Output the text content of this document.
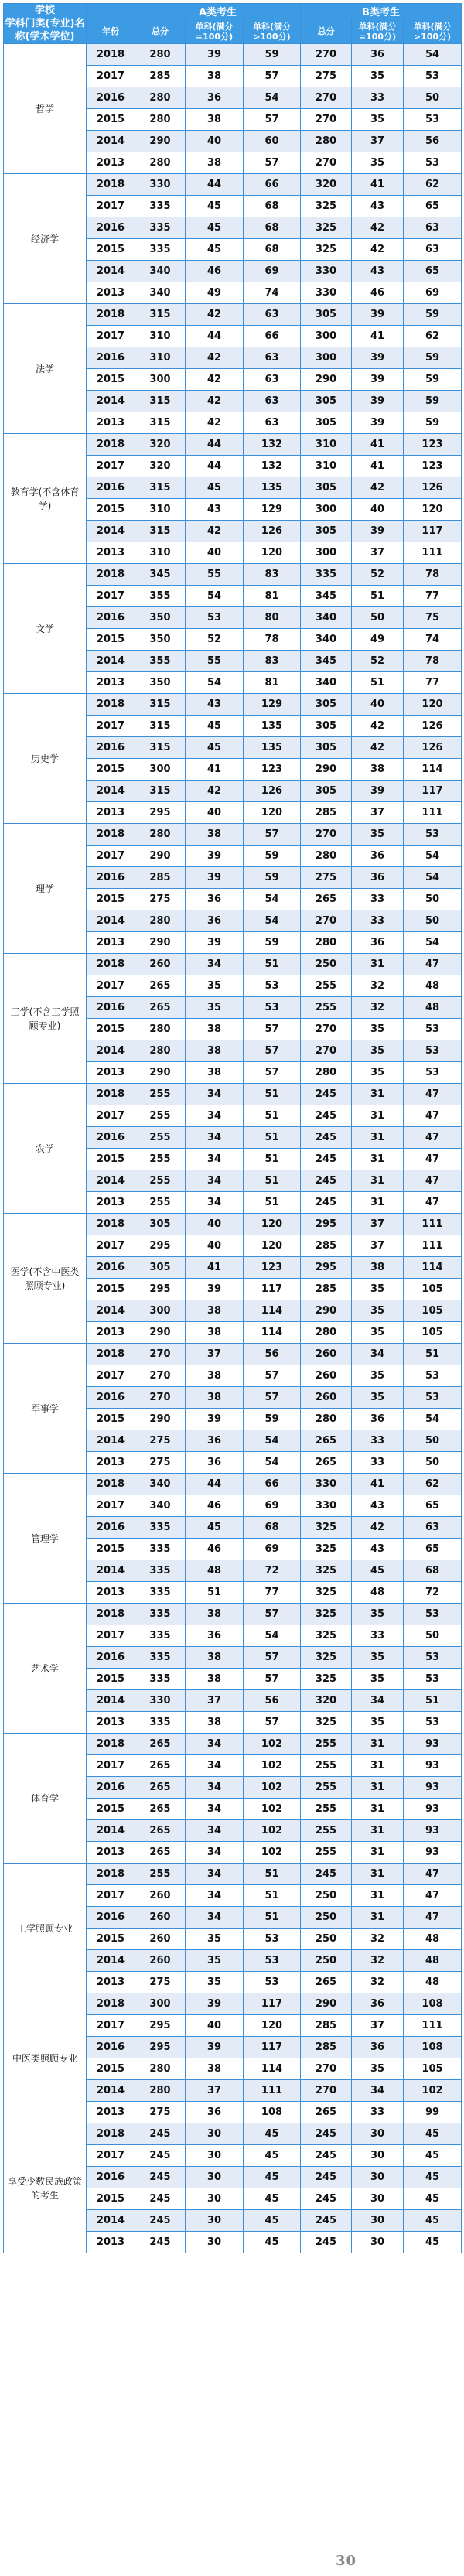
学校
学科门类(专业)名称(学术学位)		A类考生			B类考生		
	年份	总分	单科(满分=100分)	单科(满分>100分)	总分	单科(满分=100分)	单科(满分>100分)

哲学	2018	280	39	59	270	36	54
	2017	285	38	57	275	35	53
	2016	280	36	54	270	33	50
	2015	280	38	57	270	35	53
	2014	290	40	60	280	37	56
	2013	280	38	57	270	35	53
经济学	2018	330	44	66	320	41	62
	2017	335	45	68	325	43	65
	2016	335	45	68	325	42	63
	2015	335	45	68	325	42	63
	2014	340	46	69	330	43	65
	2013	340	49	74	330	46	69
法学	2018	315	42	63	305	39	59
	2017	310	44	66	300	41	62
	2016	310	42	63	300	39	59
	2015	300	42	63	290	39	59
	2014	315	42	63	305	39	59
	2013	315	42	63	305	39	59
教育学(不含体育学)	2018	320	44	132	310	41	123
	2017	320	44	132	310	41	123
	2016	315	45	135	305	42	126
	2015	310	43	129	300	40	120
	2014	315	42	126	305	39	117
	2013	310	40	120	300	37	111
文学	2018	345	55	83	335	52	78
	2017	355	54	81	345	51	77
	2016	350	53	80	340	50	75
	2015	350	52	78	340	49	74
	2014	355	55	83	345	52	78
	2013	350	54	81	340	51	77
历史学	2018	315	43	129	305	40	120
	2017	315	45	135	305	42	126
	2016	315	45	135	305	42	126
	2015	300	41	123	290	38	114
	2014	315	42	126	305	39	117
	2013	295	40	120	285	37	111
理学	2018	280	38	57	270	35	53
	2017	290	39	59	280	36	54
	2016	285	39	59	275	36	54
	2015	275	36	54	265	33	50
	2014	280	36	54	270	33	50
	2013	290	39	59	280	36	54
工学(不含工学照顾专业)	2018	260	34	51	250	31	47
	2017	265	35	53	255	32	48
	2016	265	35	53	255	32	48
	2015	280	38	57	270	35	53
	2014	280	38	57	270	35	53
	2013	290	38	57	280	35	53
农学	2018	255	34	51	245	31	47
	2017	255	34	51	245	31	47
	2016	255	34	51	245	31	47
	2015	255	34	51	245	31	47
	2014	255	34	51	245	31	47
	2013	255	34	51	245	31	47
医学(不含中医类照顾专业)	2018	305	40	120	295	37	111
	2017	295	40	120	285	37	111
	2016	305	41	123	295	38	114
	2015	295	39	117	285	35	105
	2014	300	38	114	290	35	105
	2013	290	38	114	280	35	105
军事学	2018	270	37	56	260	34	51
	2017	270	38	57	260	35	53
	2016	270	38	57	260	35	53
	2015	290	39	59	280	36	54
	2014	275	36	54	265	33	50
	2013	275	36	54	265	33	50
管理学	2018	340	44	66	330	41	62
	2017	340	46	69	330	43	65
	2016	335	45	68	325	42	63
	2015	335	46	69	325	43	65
	2014	335	48	72	325	45	68
	2013	335	51	77	325	48	72
艺术学	2018	335	38	57	325	35	53
	2017	335	36	54	325	33	50
	2016	335	38	57	325	35	53
	2015	335	38	57	325	35	53
	2014	330	37	56	320	34	51
	2013	335	38	57	325	35	53
体育学	2018	265	34	102	255	31	93
	2017	265	34	102	255	31	93
	2016	265	34	102	255	31	93
	2015	265	34	102	255	31	93
	2014	265	34	102	255	31	93
	2013	265	34	102	255	31	93
工学照顾专业	2018	255	34	51	245	31	47
	2017	260	34	51	250	31	47
	2016	260	34	51	250	31	47
	2015	260	35	53	250	32	48
	2014	260	35	53	250	32	48
	2013	275	35	53	265	32	48
中医类照顾专业	2018	300	39	117	290	36	108
	2017	295	40	120	285	37	111
	2016	295	39	117	285	36	108
	2015	280	38	114	270	35	105
	2014	280	37	111	270	34	102
	2013	275	36	108	265	33	99
享受少数民族政策的考生	2018	245	30	45	245	30	45
	2017	245	30	45	245	30	45
	2016	245	30	45	245	30	45
	2015	245	30	45	245	30	45
	2014	245	30	45	245	30	45
	2013	245	30	45	245	30	45
30
